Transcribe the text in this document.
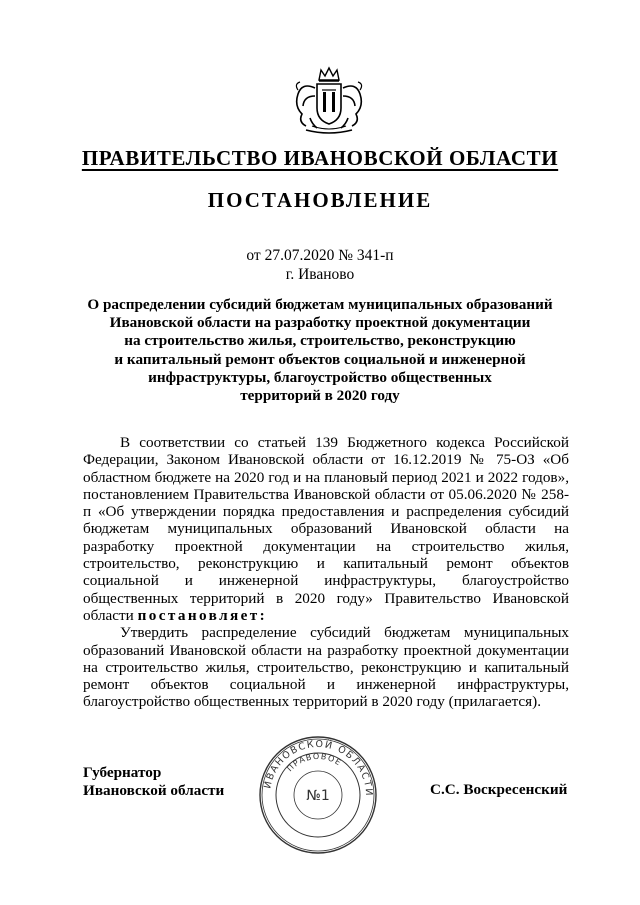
ПРАВИТЕЛЬСТВО ИВАНОВСКОЙ ОБЛАСТИ
ПОСТАНОВЛЕНИЕ
от 27.07.2020 № 341-п
г. Иваново
О распределении субсидий бюджетам муниципальных образований
Ивановской области на разработку проектной документации
на строительство жилья, строительство, реконструкцию
и капитальный ремонт объектов социальной и инженерной
инфраструктуры, благоустройство общественных
территорий в 2020 году

В соответствии со статьей 139 Бюджетного кодекса Российской Федерации, Законом Ивановской области от 16.12.2019 № 75-ОЗ «Об областном бюджете на 2020 год и на плановый период 2021 и 2022 годов», постановлением Правительства Ивановской области от 05.06.2020 № 258-п «Об утверждении порядка предоставления и распределения субсидий бюджетам муниципальных образований Ивановской области на разработку проектной документации на строительство жилья, строительство, реконструкцию и капитальный ремонт объектов социальной и инженерной инфраструктуры, благоустройство общественных территорий в 2020 году» Правительство Ивановской области постановляет:

Утвердить распределение субсидий бюджетам муниципальных образований Ивановской области на разработку проектной документации на строительство жилья, строительство, реконструкцию и капитальный ремонт объектов социальной и инженерной инфраструктуры, благоустройство общественных территорий в 2020 году (прилагается).

Губернатор
Ивановской области	ИВАНОВСКОЙ ОБЛАСТИ
ПРАВОВОЕ
№1	С.С. Воскресенский
